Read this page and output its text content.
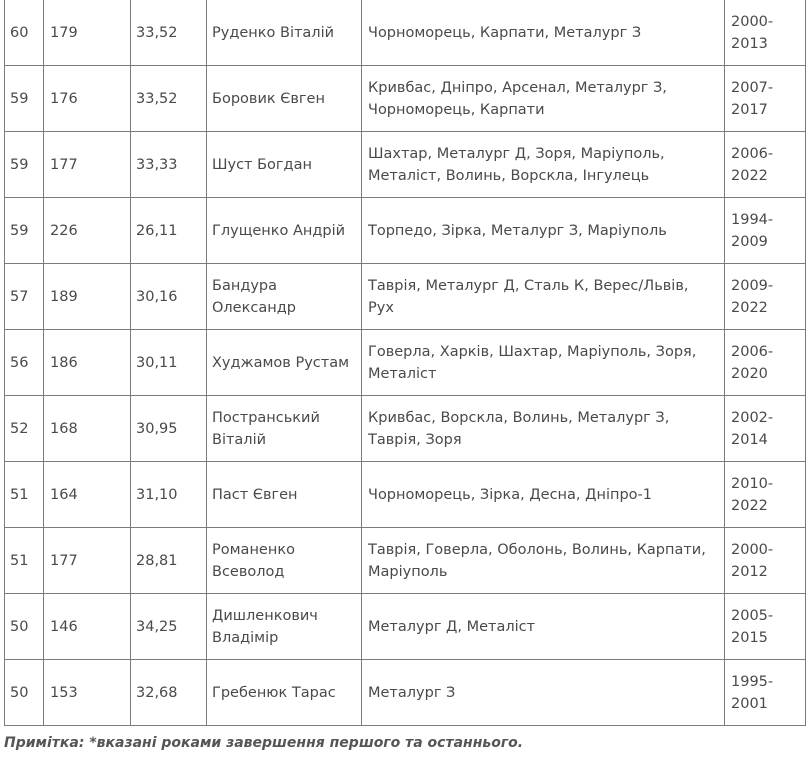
60	179	33,52	Руденко Віталій	Чорноморець, Карпати, Металург З	2000-2013
59	176	33,52	Боровик Євген	Кривбас, Дніпро, Арсенал, Металург З, Чорноморець, Карпати	2007-2017
59	177	33,33	Шуст Богдан	Шахтар, Металург Д, Зоря, Маріуполь, Металіст, Волинь, Ворскла, Інгулець	2006-2022
59	226	26,11	Глущенко Андрій	Торпедо, Зірка, Металург З, Маріуполь	1994-2009
57	189	30,16	Бандура Олександр	Таврія, Металург Д, Сталь К, Верес/Львів, Рух	2009-2022
56	186	30,11	Худжамов Рустам	Говерла, Харків, Шахтар, Маріуполь, Зоря, Металіст	2006-2020
52	168	30,95	Постранський Віталій	Кривбас, Ворскла, Волинь, Металург З, Таврія, Зоря	2002-2014
51	164	31,10	Паст Євген	Чорноморець, Зірка, Десна, Дніпро-1	2010-2022
51	177	28,81	Романенко Всеволод	Таврія, Говерла, Оболонь, Волинь, Карпати, Маріуполь	2000-2012
50	146	34,25	Дишленкович Владімір	Металург Д, Металіст	2005-2015
50	153	32,68	Гребенюк Тарас	Металург З	1995-2001
Примітка: *вказані роками завершення першого та останнього.
